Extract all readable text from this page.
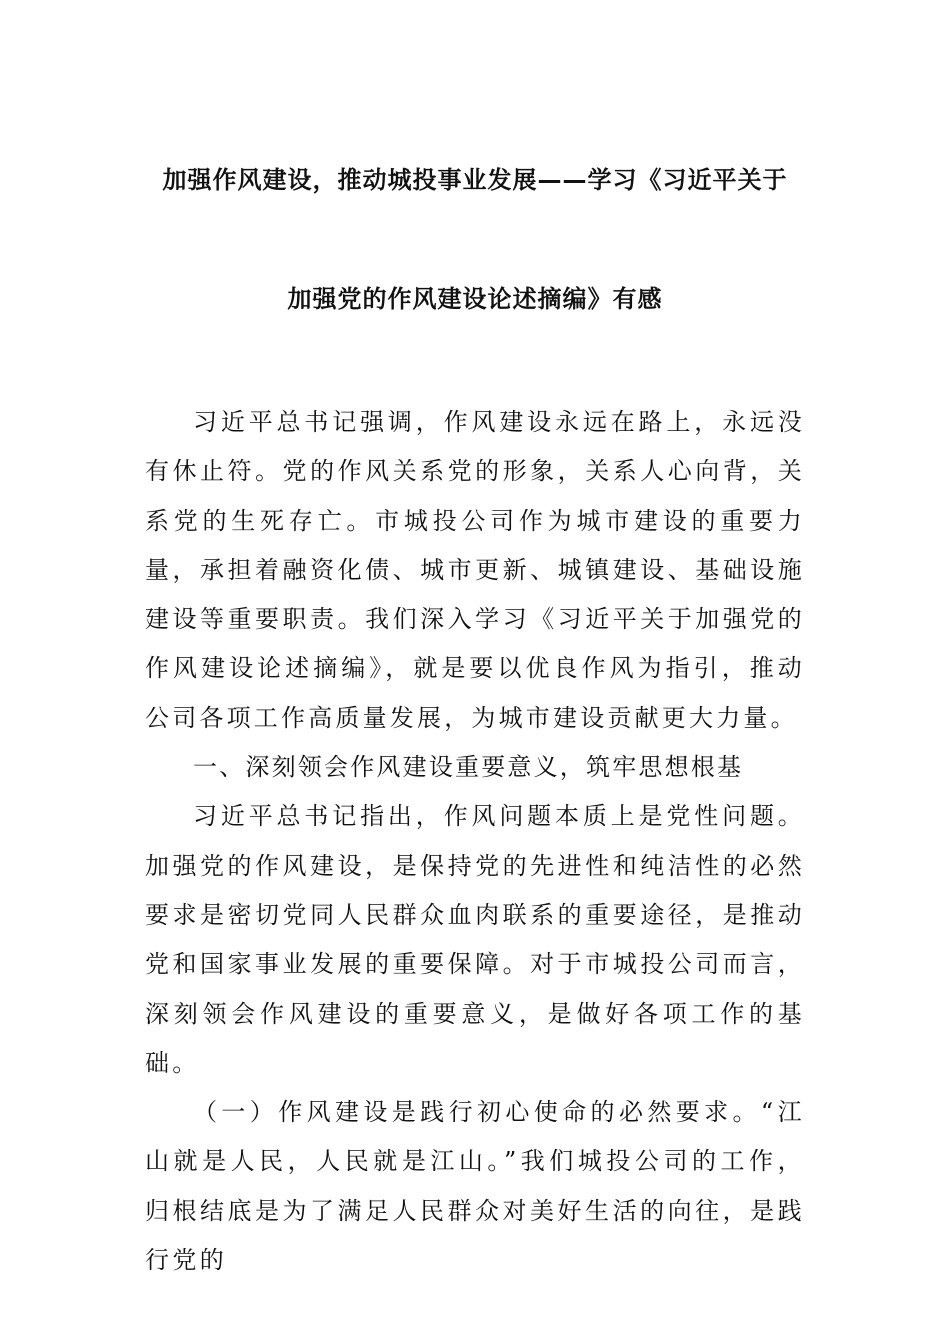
加强作风建设，推动城投事业发展——学习《习近平关于
加强党的作风建设论述摘编》有感

习近平总书记强调，作风建设永远在路上，永远没有休止符。党的作风关系党的形象，关系人心向背，关系党的生死存亡。市城投公司作为城市建设的重要力量，承担着融资化债、城市更新、城镇建设、基础设施建设等重要职责。我们深入学习《习近平关于加强党的作风建设论述摘编》，就是要以优良作风为指引，推动公司各项工作高质量发展，为城市建设贡献更大力量。

一、深刻领会作风建设重要意义，筑牢思想根基

习近平总书记指出，作风问题本质上是党性问题。加强党的作风建设，是保持党的先进性和纯洁性的必然要求是密切党同人民群众血肉联系的重要途径，是推动党和国家事业发展的重要保障。对于市城投公司而言，深刻领会作风建设的重要意义，是做好各项工作的基础。

（一）作风建设是践行初心使命的必然要求。“江山就是人民，人民就是江山。”我们城投公司的工作，归根结底是为了满足人民群众对美好生活的向往，是践行党的
